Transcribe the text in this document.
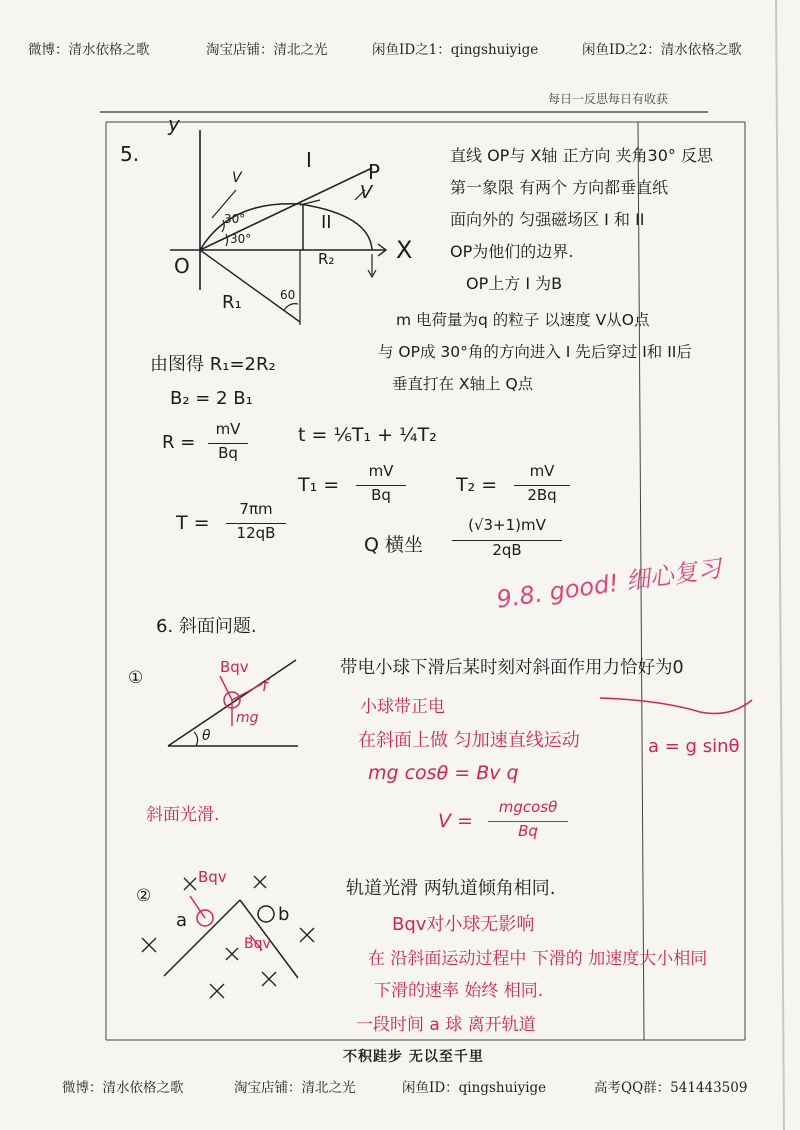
微博：清水依格之歌	淘宝店铺：清北之光	闲鱼ID之1：qingshuiyige	闲鱼ID之2：清水依格之歌
每日一反思每日有收获
5.
y
I	P
V
V
II
30°
30°	X
O	R₂
R₁	60
直线 OP与 X轴 正方向 夹角30° 反思
第一象限 有两个 方向都垂直纸
面向外的 匀强磁场区 I 和 II
OP为他们的边界.
OP上方 I 为B
m 电荷量为q 的粒子 以速度 V从O点
与 OP成 30°角的方向进入 I 先后穿过 I和 II后
垂直打在 X轴上 Q点
由图得 R₁=2R₂
B₂ = 2 B₁
R =
mV
Bq
t = ⅙T₁ + ¼T₂
T₁ =
mV
Bq	T₂ =
mV
2Bq
T =
7πm
12qB
Q 横坐
(√3+1)mV
2qB
9.8. good! 细心复习
6. 斜面问题.
①
Bqv
f
mg
θ
带电小球下滑后某时刻对斜面作用力恰好为0
小球带正电
在斜面上做 匀加速直线运动	a = g sinθ
mg cosθ = Bv q
V =
mgcosθ
Bq
斜面光滑.
②
Bqv
Bqv
a	b
轨道光滑 两轨道倾角相同.
Bqv对小球无影响
在 沿斜面运动过程中 下滑的 加速度大小相同
下滑的速率 始终 相同.
一段时间 a 球 离开轨道
不积跬步 无以至千里
微博：清水依格之歌	淘宝店铺：清北之光	闲鱼ID：qingshuiyige	高考QQ群：541443509
